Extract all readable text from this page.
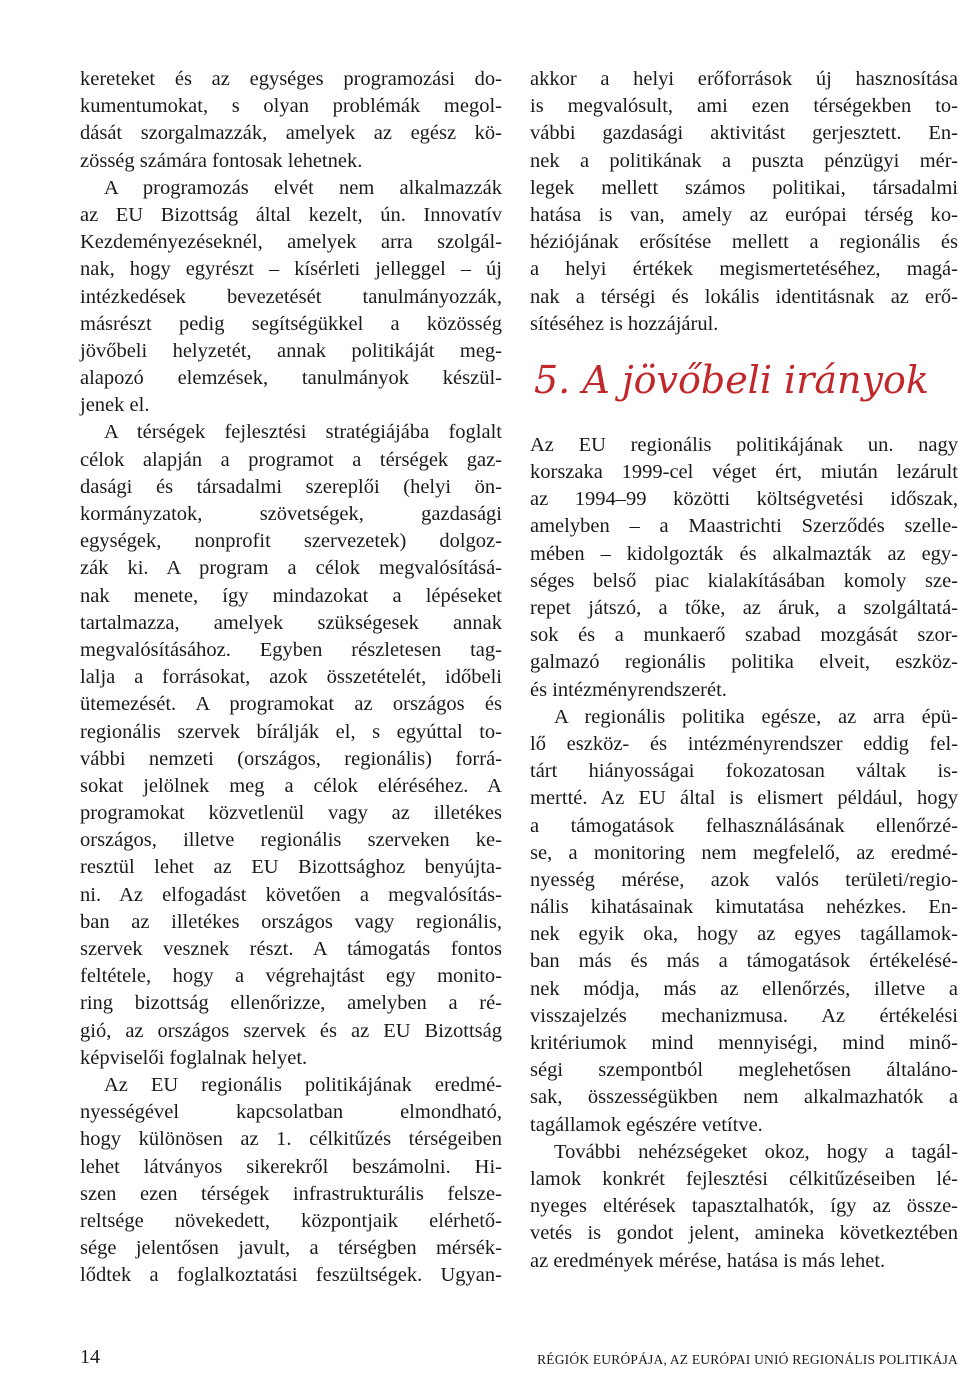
kereteket és az egységes programozási do-
kumentumokat, s olyan problémák megol-
dását szorgalmazzák, amelyek az egész kö-
zösség számára fontosak lehetnek.
A programozás elvét nem alkalmazzák
az EU Bizottság által kezelt, ún. Innovatív
Kezdeményezéseknél, amelyek arra szolgál-
nak, hogy egyrészt – kísérleti jelleggel – új
intézkedések bevezetését tanulmányozzák,
másrészt pedig segítségükkel a közösség
jövőbeli helyzetét, annak politikáját meg-
alapozó elemzések, tanulmányok készül-
jenek el.
A térségek fejlesztési stratégiájába foglalt
célok alapján a programot a térségek gaz-
dasági és társadalmi szereplői (helyi ön-
kormányzatok, szövetségek, gazdasági
egységek, nonprofit szervezetek) dolgoz-
zák ki. A program a célok megvalósításá-
nak menete, így mindazokat a lépéseket
tartalmazza, amelyek szükségesek annak
megvalósításához. Egyben részletesen tag-
lalja a forrásokat, azok összetételét, időbeli
ütemezését. A programokat az országos és
regionális szervek bírálják el, s egyúttal to-
vábbi nemzeti (országos, regionális) forrá-
sokat jelölnek meg a célok eléréséhez. A
programokat közvetlenül vagy az illetékes
országos, illetve regionális szerveken ke-
resztül lehet az EU Bizottsághoz benyújta-
ni. Az elfogadást követően a megvalósítás-
ban az illetékes országos vagy regionális,
szervek vesznek részt. A támogatás fontos
feltétele, hogy a végrehajtást egy monito-
ring bizottság ellenőrizze, amelyben a ré-
gió, az országos szervek és az EU Bizottság
képviselői foglalnak helyet.
Az EU regionális politikájának eredmé-
nyességével kapcsolatban elmondható,
hogy különösen az 1. célkitűzés térségeiben
lehet látványos sikerekről beszámolni. Hi-
szen ezen térségek infrastrukturális felsze-
reltsége növekedett, központjaik elérhető-
sége jelentősen javult, a térségben mérsék-
lődtek a foglalkoztatási feszültségek. Ugyan-
akkor a helyi erőforrások új hasznosítása
is megvalósult, ami ezen térségekben to-
vábbi gazdasági aktivitást gerjesztett. En-
nek a politikának a puszta pénzügyi mér-
legek mellett számos politikai, társadalmi
hatása is van, amely az európai térség ko-
héziójának erősítése mellett a regionális és
a helyi értékek megismertetéséhez, magá-
nak a térségi és lokális identitásnak az erő-
sítéséhez is hozzájárul.
5. A jövőbeli irányok
Az EU regionális politikájának un. nagy
korszaka 1999-cel véget ért, miután lezárult
az 1994–99 közötti költségvetési időszak,
amelyben – a Maastrichti Szerződés szelle-
mében – kidolgozták és alkalmazták az egy-
séges belső piac kialakításában komoly sze-
repet játszó, a tőke, az áruk, a szolgáltatá-
sok és a munkaerő szabad mozgását szor-
galmazó regionális politika elveit, eszköz-
és intézményrendszerét.
A regionális politika egésze, az arra épü-
lő eszköz- és intézményrendszer eddig fel-
tárt hiányosságai fokozatosan váltak is-
mertté. Az EU által is elismert például, hogy
a támogatások felhasználásának ellenőrzé-
se, a monitoring nem megfelelő, az eredmé-
nyesség mérése, azok valós területi/regio-
nális kihatásainak kimutatása nehézkes. En-
nek egyik oka, hogy az egyes tagállamok-
ban más és más a támogatások értékelésé-
nek módja, más az ellenőrzés, illetve a
visszajelzés mechanizmusa. Az értékelési
kritériumok mind mennyiségi, mind minő-
ségi szempontból meglehetősen általáno-
sak, összességükben nem alkalmazhatók a
tagállamok egészére vetítve.
További nehézségeket okoz, hogy a tagál-
lamok konkrét fejlesztési célkitűzéseiben lé-
nyeges eltérések tapasztalhatók, így az össze-
vetés is gondot jelent, amineka következtében
az eredmények mérése, hatása is más lehet.
14	RÉGIÓK EURÓPÁJA, AZ EURÓPAI UNIÓ REGIONÁLIS POLITIKÁJA
